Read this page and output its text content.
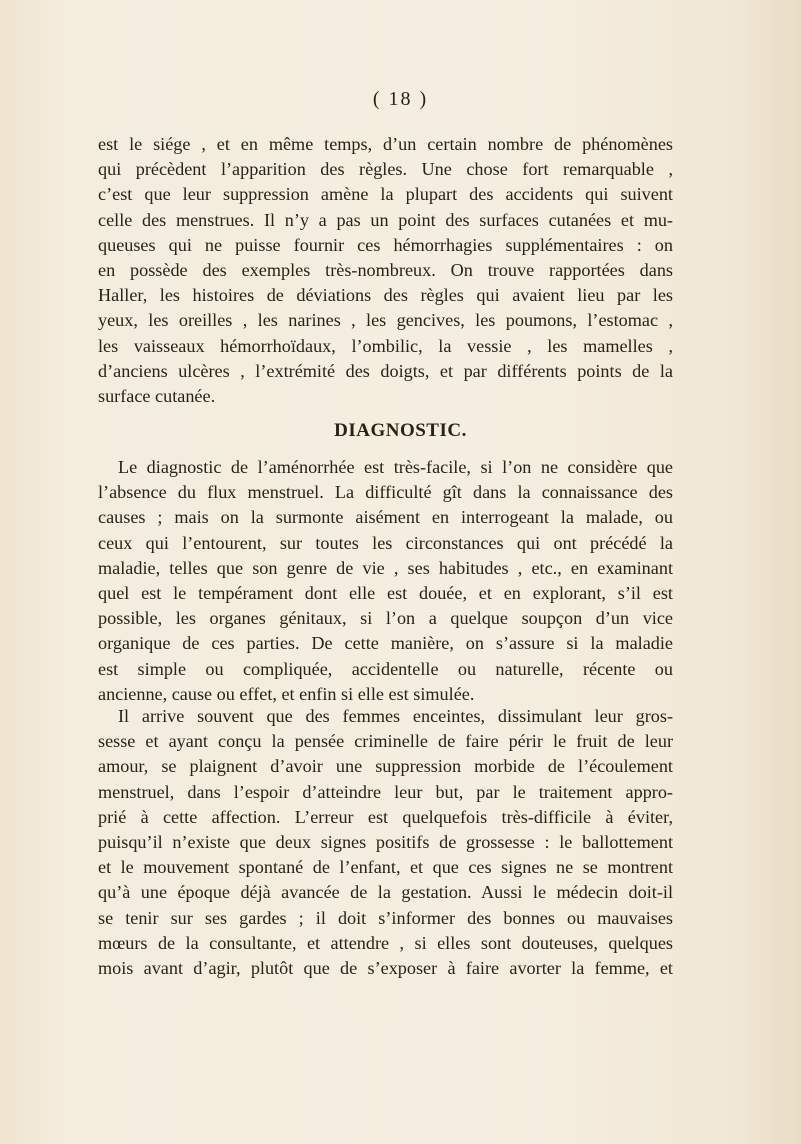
( 18 )
est le siége , et en même temps, d’un certain nombre de phénomènes
qui précèdent l’apparition des règles. Une chose fort remarquable ,
c’est que leur suppression amène la plupart des accidents qui suivent
celle des menstrues. Il n’y a pas un point des surfaces cutanées et mu-
queuses qui ne puisse fournir ces hémorrhagies supplémentaires : on
en possède des exemples très-nombreux. On trouve rapportées dans
Haller, les histoires de déviations des règles qui avaient lieu par les
yeux, les oreilles , les narines , les gencives, les poumons, l’estomac ,
les vaisseaux hémorrhoïdaux, l’ombilic, la vessie , les mamelles ,
d’anciens ulcères , l’extrémité des doigts, et par différents points de la
surface cutanée.
DIAGNOSTIC.
Le diagnostic de l’aménorrhée est très-facile, si l’on ne considère que
l’absence du flux menstruel. La difficulté gît dans la connaissance des
causes ; mais on la surmonte aisément en interrogeant la malade, ou
ceux qui l’entourent, sur toutes les circonstances qui ont précédé la
maladie, telles que son genre de vie , ses habitudes , etc., en examinant
quel est le tempérament dont elle est douée, et en explorant, s’il est
possible, les organes génitaux, si l’on a quelque soupçon d’un vice
organique de ces parties. De cette manière, on s’assure si la maladie
est simple ou compliquée, accidentelle ou naturelle, récente ou
ancienne, cause ou effet, et enfin si elle est simulée.
Il arrive souvent que des femmes enceintes, dissimulant leur gros-
sesse et ayant conçu la pensée criminelle de faire périr le fruit de leur
amour, se plaignent d’avoir une suppression morbide de l’écoulement
menstruel, dans l’espoir d’atteindre leur but, par le traitement appro-
prié à cette affection. L’erreur est quelquefois très-difficile à éviter,
puisqu’il n’existe que deux signes positifs de grossesse : le ballottement
et le mouvement spontané de l’enfant, et que ces signes ne se montrent
qu’à une époque déjà avancée de la gestation. Aussi le médecin doit-il
se tenir sur ses gardes ; il doit s’informer des bonnes ou mauvaises
mœurs de la consultante, et attendre , si elles sont douteuses, quelques
mois avant d’agir, plutôt que de s’exposer à faire avorter la femme, et
